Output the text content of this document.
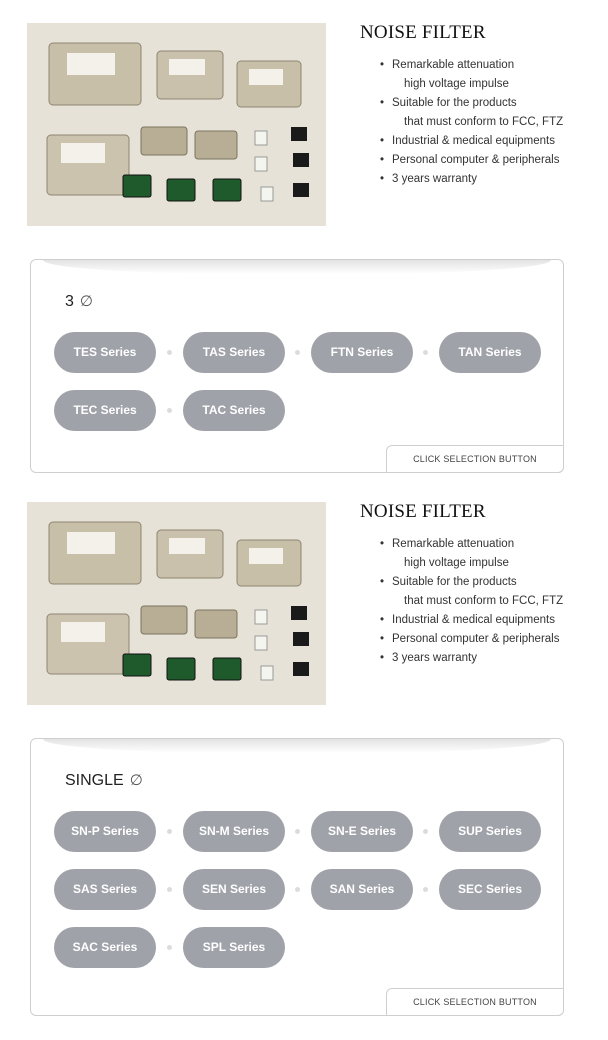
NOISE FILTER
• Remarkable attenuation
high voltage impulse
• Suitable for the products
that must conform to FCC, FTZ
• Industrial & medical equipments
• Personal computer & peripherals
• 3 years warranty
3 ∅
TES Series	TAS Series	FTN Series	TAN Series
TEC Series	TAC Series
CLICK SELECTION BUTTON
NOISE FILTER
• Remarkable attenuation
high voltage impulse
• Suitable for the products
that must conform to FCC, FTZ
• Industrial & medical equipments
• Personal computer & peripherals
• 3 years warranty
SINGLE ∅
SN-P Series	SN-M Series	SN-E Series	SUP Series
SAS Series	SEN Series	SAN Series	SEC Series
SAC Series	SPL Series
CLICK SELECTION BUTTON
